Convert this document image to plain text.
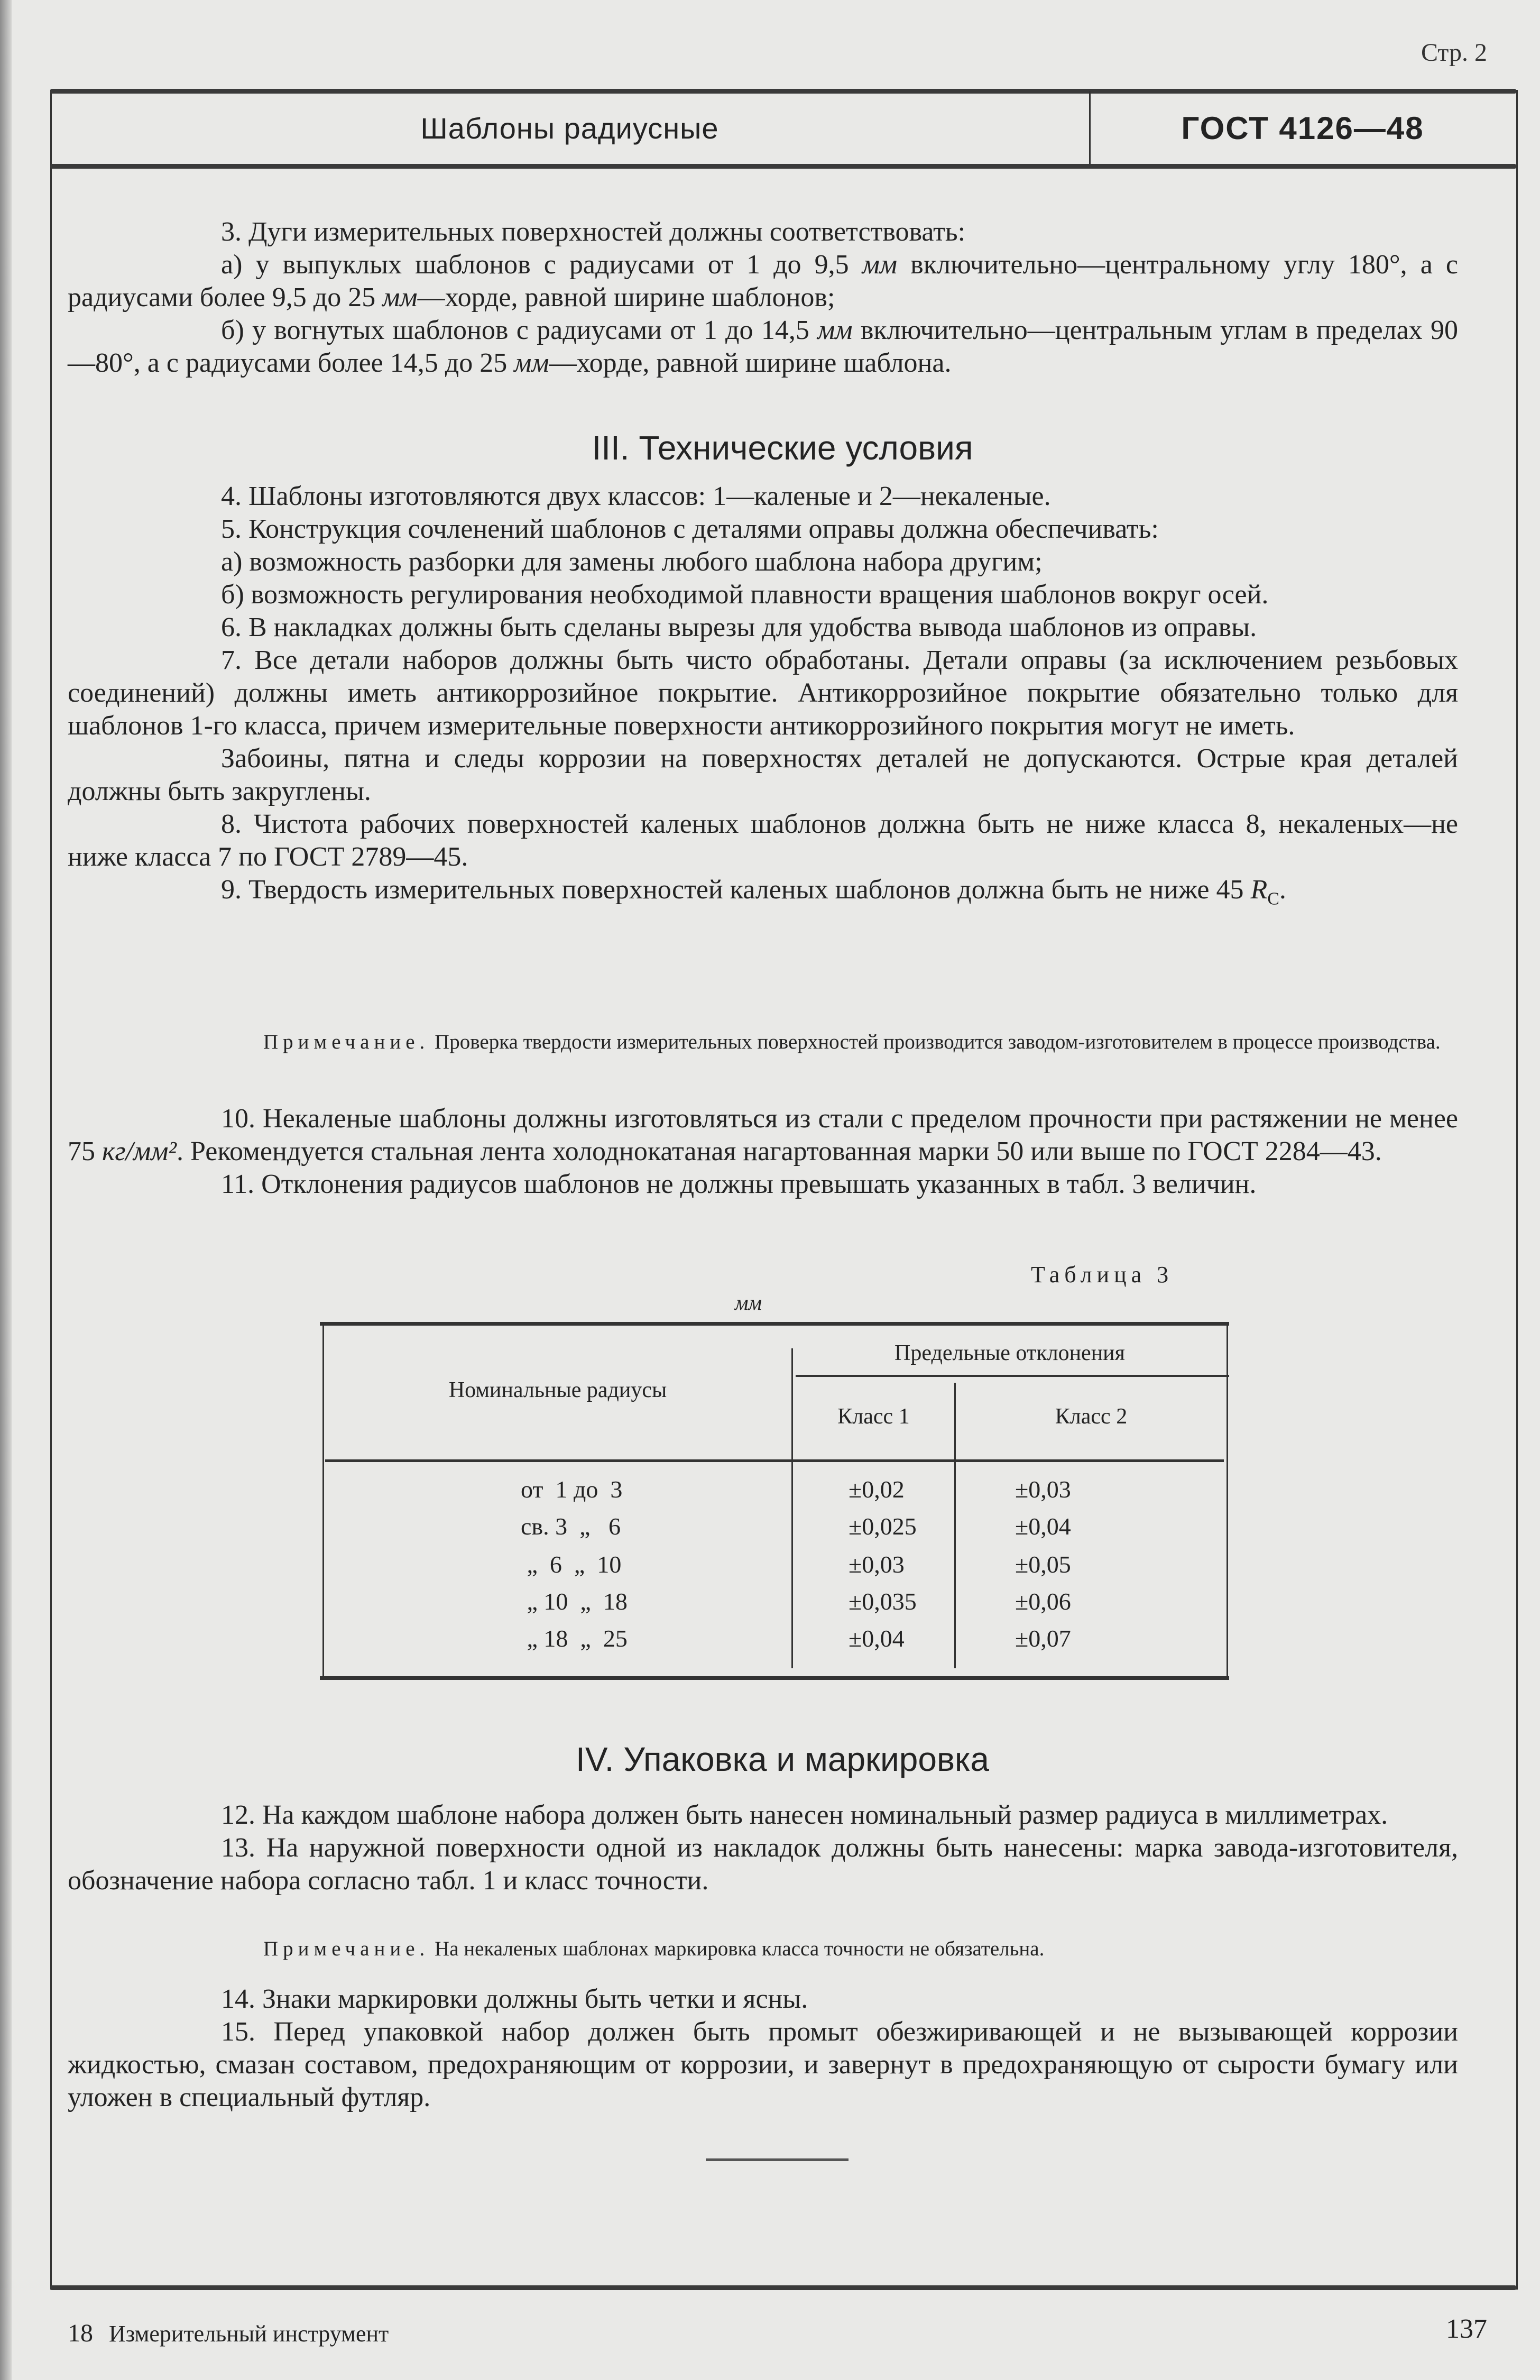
Стр. 2
Шаблоны радиусные	ГОСТ 4126—48

3. Дуги измерительных поверхностей должны соответствовать:

а) у выпуклых шаблонов с радиусами от 1 до 9,5 мм включительно—центральному углу 180°, а с радиусами более 9,5 до 25 мм—хорде, равной ширине шаблонов;

б) у вогнутых шаблонов с радиусами от 1 до 14,5 мм включительно—центральным углам в пределах 90—80°, а с радиусами более 14,5 до 25 мм—хорде, равной ширине шаблона.

III. Технические условия

4. Шаблоны изготовляются двух классов: 1—каленые и 2—некаленые.

5. Конструкция сочленений шаблонов с деталями оправы должна обеспечивать:

а) возможность разборки для замены любого шаблона набора другим;

б) возможность регулирования необходимой плавности вращения шаблонов вокруг осей.

6. В накладках должны быть сделаны вырезы для удобства вывода шаблонов из оправы.

7. Все детали наборов должны быть чисто обработаны. Детали оправы (за исключением резьбовых соединений) должны иметь антикоррозийное покрытие. Антикоррозийное покрытие обязательно только для шаблонов 1-го класса, причем измерительные поверхности антикоррозийного покрытия могут не иметь.

Забоины, пятна и следы коррозии на поверхностях деталей не допускаются. Острые края деталей должны быть закруглены.

8. Чистота рабочих поверхностей каленых шаблонов должна быть не ниже класса 8, некаленых—не ниже класса 7 по ГОСТ 2789—45.

9. Твердость измерительных поверхностей каленых шаблонов должна быть не ниже 45 $R_C$.

Примечание. Проверка твердости измерительных поверхностей производится заводом-изготовителем в процессе производства.

10. Некаленые шаблоны должны изготовляться из стали с пределом прочности при растяжении не менее 75 кг/мм². Рекомендуется стальная лента холоднокатаная нагартованная марки 50 или выше по ГОСТ 2284—43.

11. Отклонения радиусов шаблонов не должны превышать указанных в табл. 3 величин.

Таблица 3
мм
Номинальные радиусы
Предельные отклонения
Класс 1	Класс 2
от  1 до  3	±0,02	±0,03
св. 3  „   6	±0,025	±0,04
„  6  „  10	±0,03	±0,05
„ 10  „  18	±0,035	±0,06
„ 18  „  25	±0,04	±0,07
IV. Упаковка и маркировка

12. На каждом шаблоне набора должен быть нанесен номинальный размер радиуса в миллиметрах.

13. На наружной поверхности одной из накладок должны быть нанесены: марка завода-изготовителя, обозначение набора согласно табл. 1 и класс точности.

Примечание. На некаленых шаблонах маркировка класса точности не обязательна.

14. Знаки маркировки должны быть четки и ясны.

15. Перед упаковкой набор должен быть промыт обезжиривающей и не вызывающей коррозии жидкостью, смазан составом, предохраняющим от коррозии, и завернут в предохраняющую от сырости бумагу или уложен в специальный футляр.

18 Измерительный инструмент	137
